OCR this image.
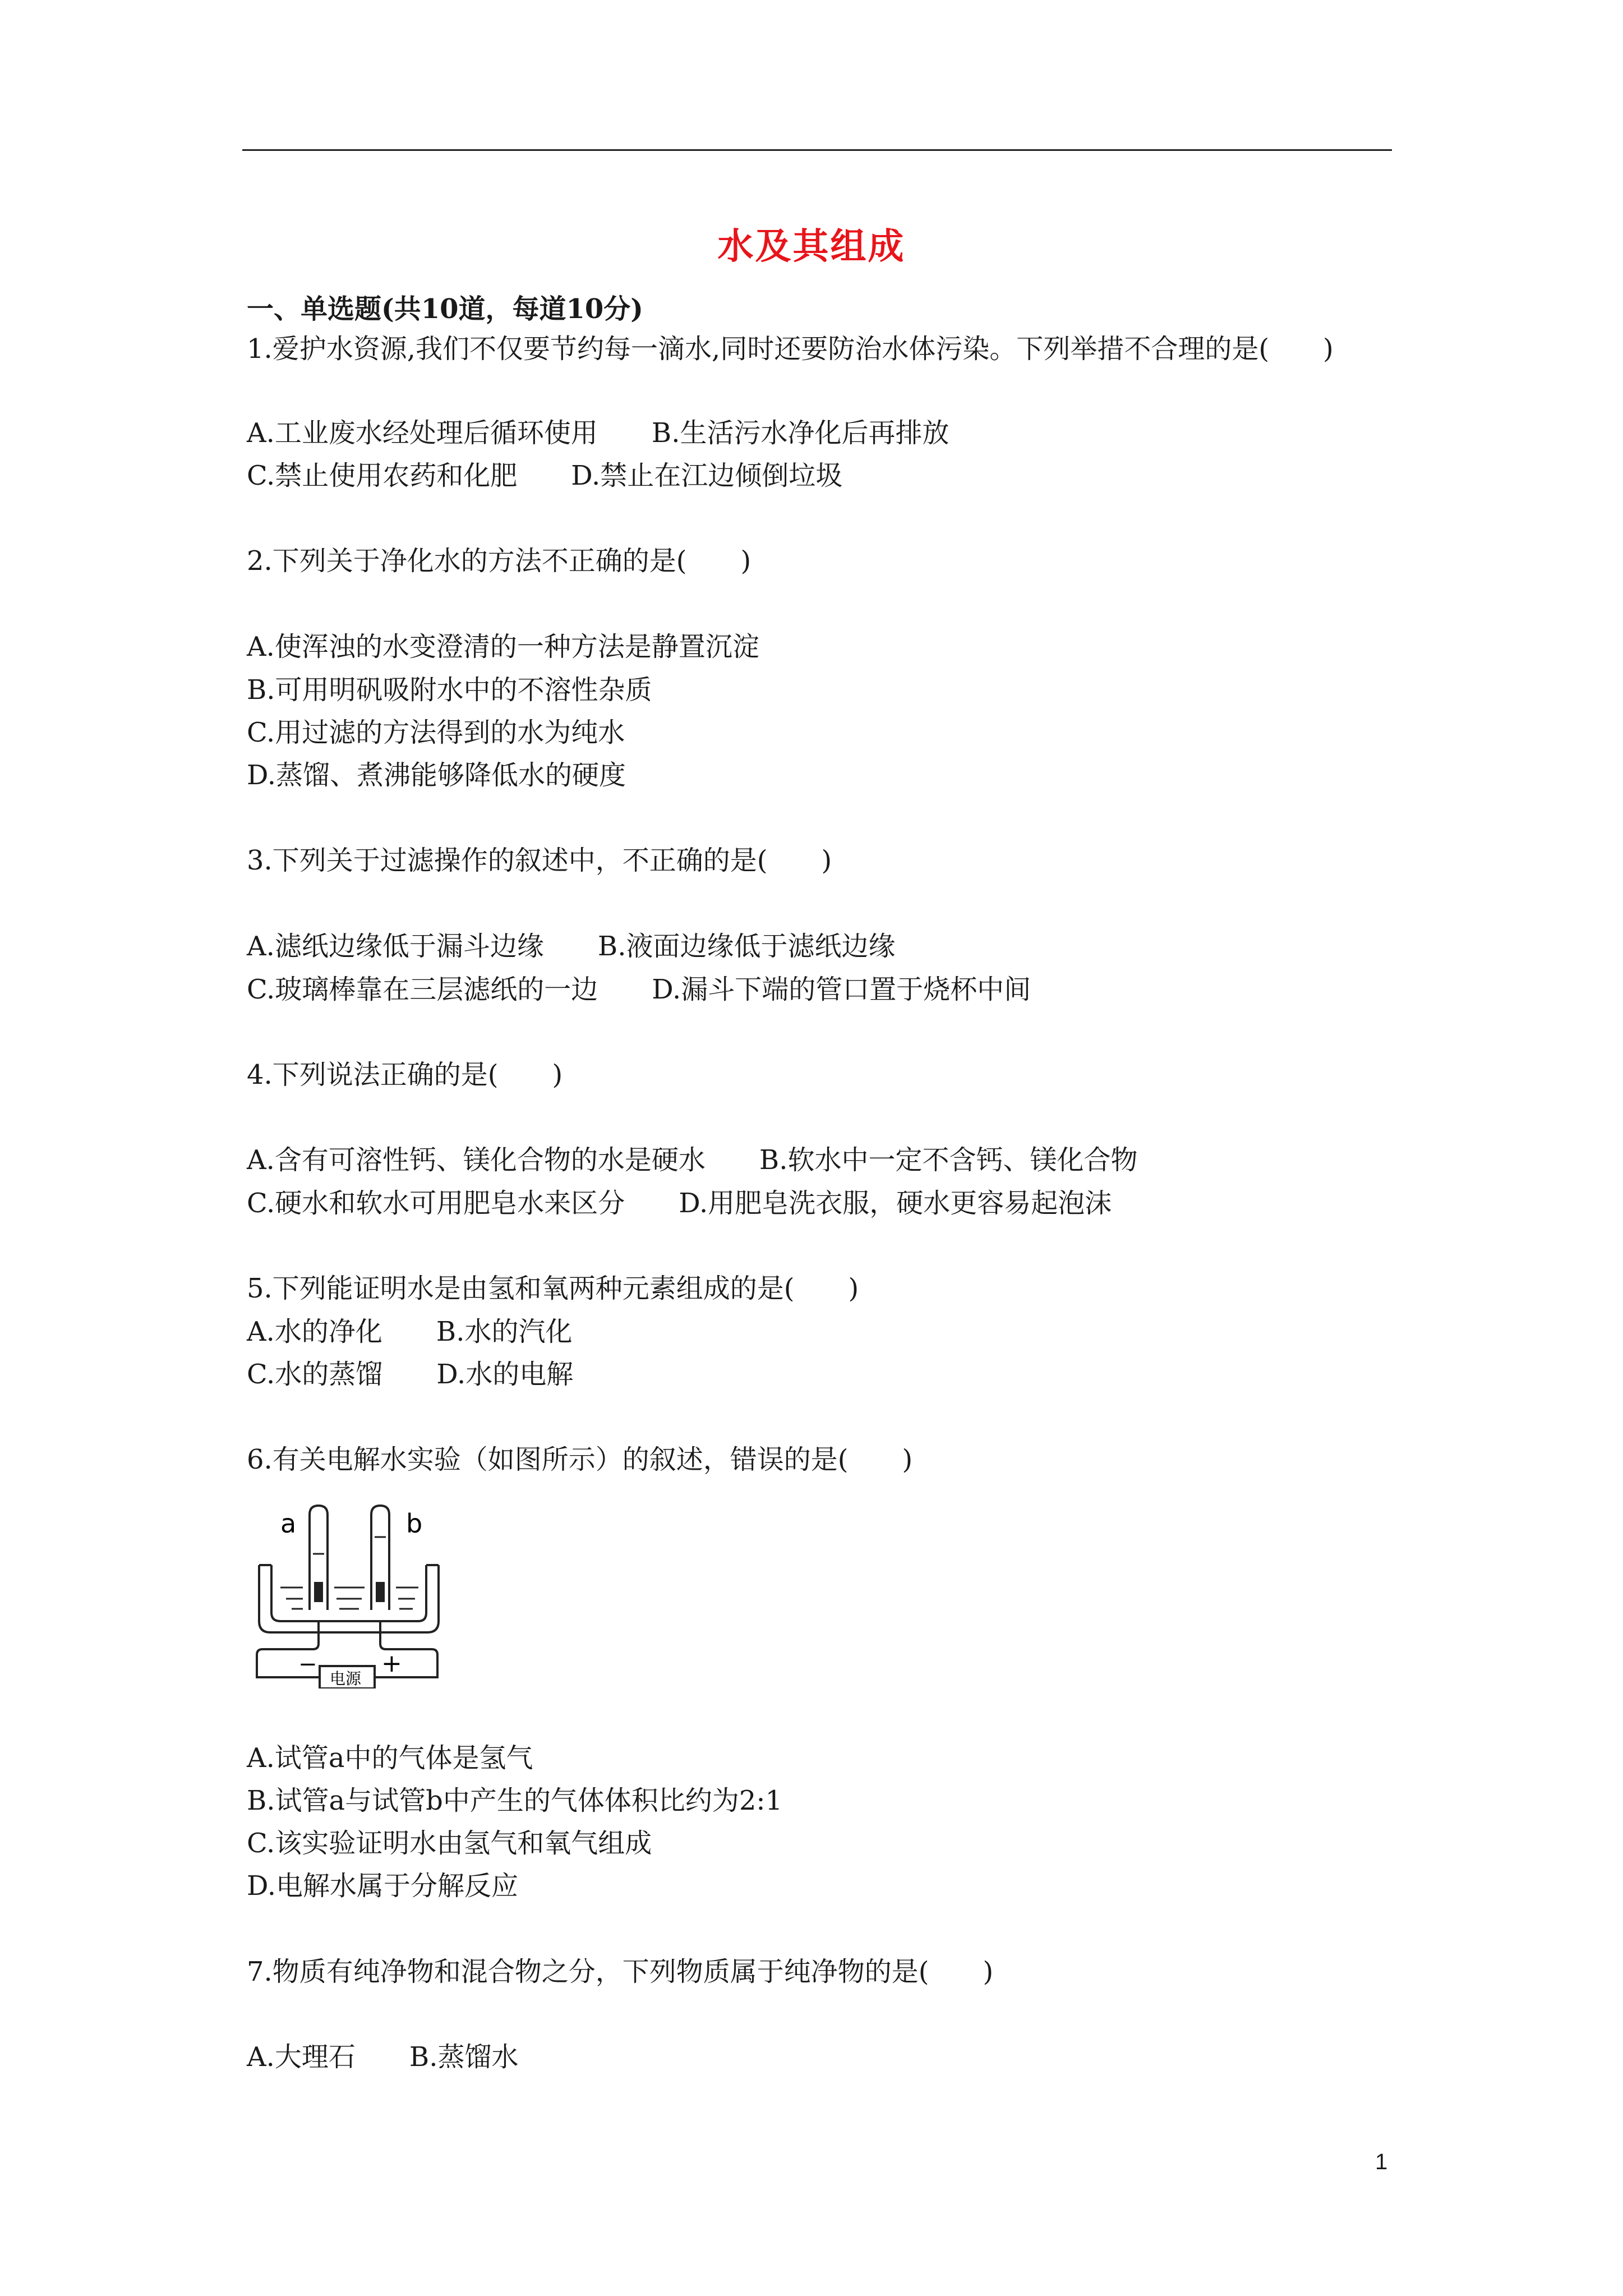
水及其组成
一、单选题(共10道，每道10分)
1.爱护水资源,我们不仅要节约每一滴水,同时还要防治水体污染。下列举措不合理的是(　　)
A.工业废水经处理后循环使用　　B.生活污水净化后再排放
C.禁止使用农药和化肥　　D.禁止在江边倾倒垃圾
2.下列关于净化水的方法不正确的是(　　)
A.使浑浊的水变澄清的一种方法是静置沉淀
B.可用明矾吸附水中的不溶性杂质
C.用过滤的方法得到的水为纯水
D.蒸馏、煮沸能够降低水的硬度
3.下列关于过滤操作的叙述中，不正确的是(　　)
A.滤纸边缘低于漏斗边缘　　B.液面边缘低于滤纸边缘
C.玻璃棒靠在三层滤纸的一边　　D.漏斗下端的管口置于烧杯中间
4.下列说法正确的是(　　)
A.含有可溶性钙、镁化合物的水是硬水　　B.软水中一定不含钙、镁化合物
C.硬水和软水可用肥皂水来区分　　D.用肥皂洗衣服，硬水更容易起泡沫
5.下列能证明水是由氢和氧两种元素组成的是(　　)
A.水的净化　　B.水的汽化
C.水的蒸馏　　D.水的电解
6.有关电解水实验（如图所示）的叙述，错误的是(　　)
a	b
−	+
电源
A.试管a中的气体是氢气
B.试管a与试管b中产生的气体体积比约为2:1
C.该实验证明水由氢气和氧气组成
D.电解水属于分解反应
7.物质有纯净物和混合物之分，下列物质属于纯净物的是(　　)
A.大理石　　B.蒸馏水
1
